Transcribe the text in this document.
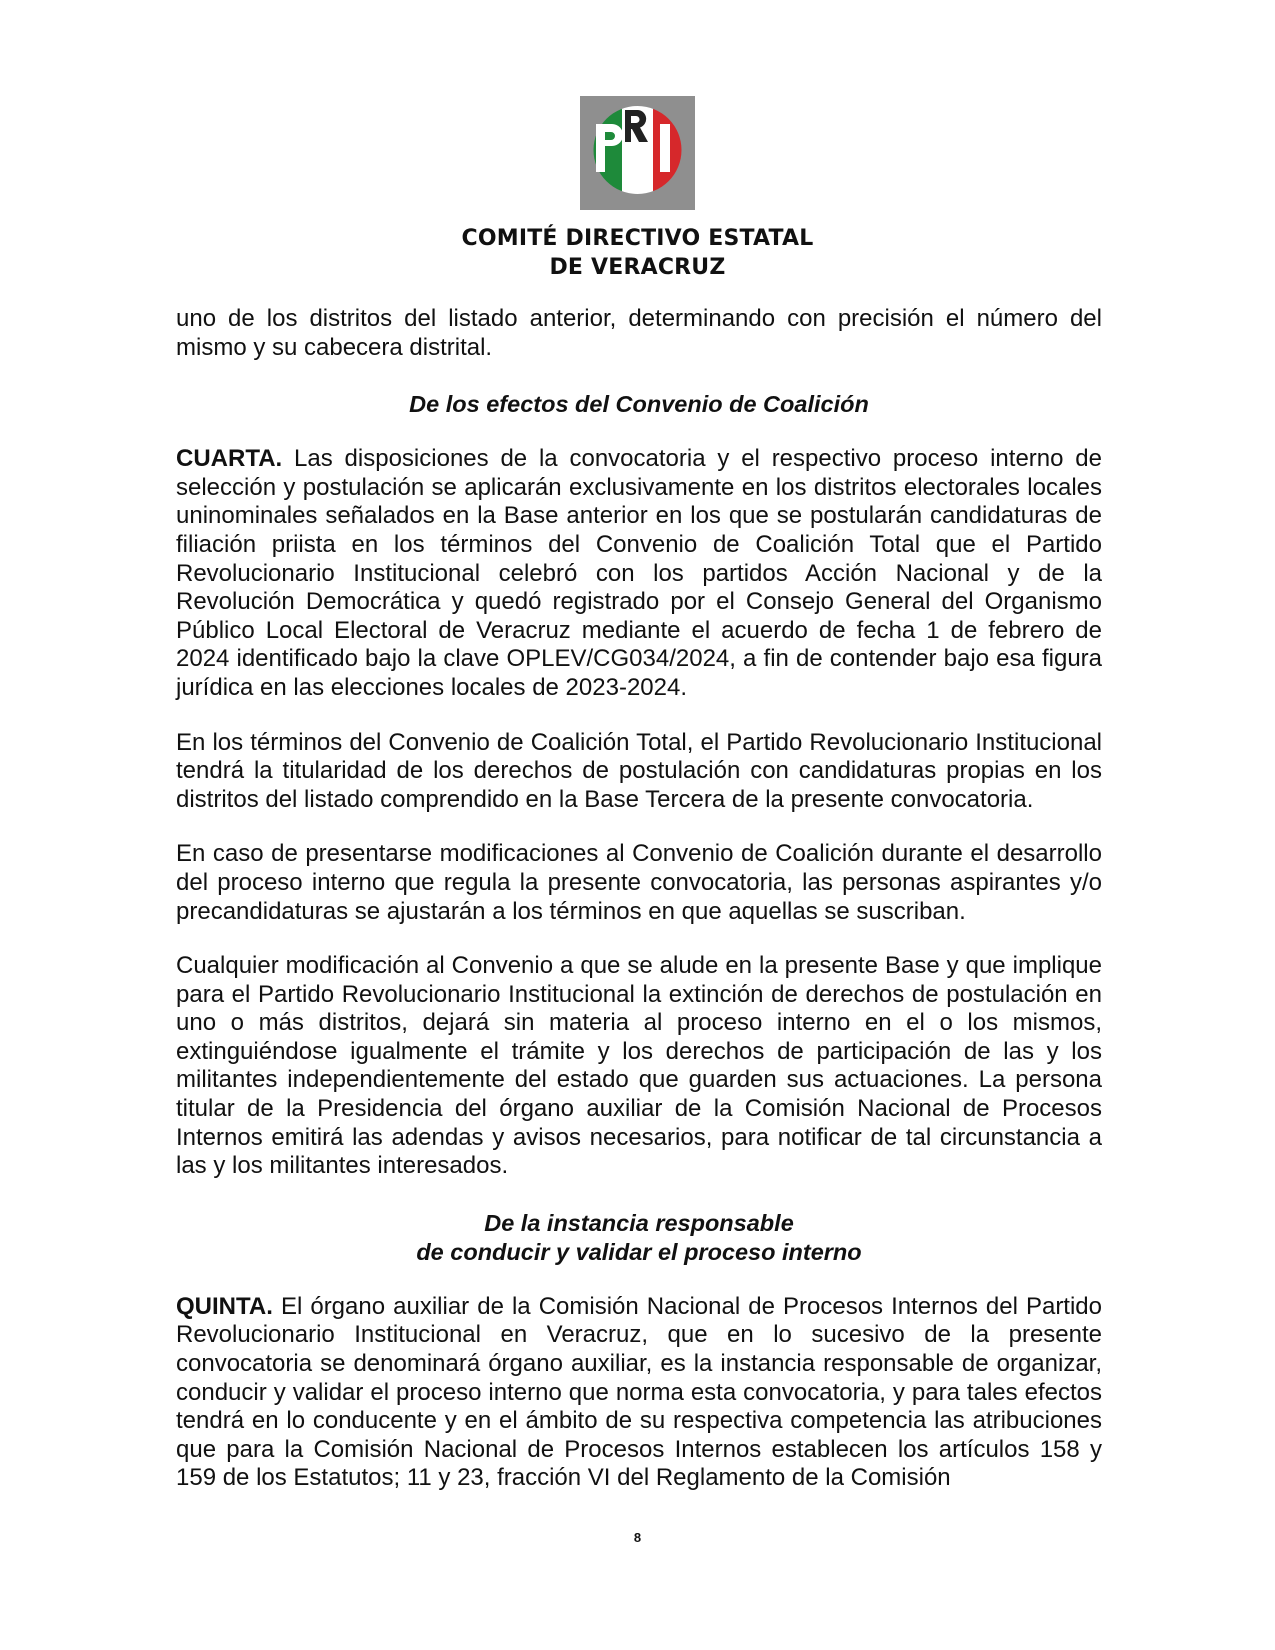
COMITÉ DIRECTIVO ESTATAL
DE VERACRUZ

uno de los distritos del listado anterior, determinando con precisión el número del mismo y su cabecera distrital.

De los efectos del Convenio de Coalición

CUARTA. Las disposiciones de la convocatoria y el respectivo proceso interno de selección y postulación se aplicarán exclusivamente en los distritos electorales locales uninominales señalados en la Base anterior en los que se postularán candidaturas de filiación priista en los términos del Convenio de Coalición Total que el Partido Revolucionario Institucional celebró con los partidos Acción Nacional y de la Revolución Democrática y quedó registrado por el Consejo General del Organismo Público Local Electoral de Veracruz mediante el acuerdo de fecha 1 de febrero de 2024 identificado bajo la clave OPLEV/CG034/2024, a fin de contender bajo esa figura jurídica en las elecciones locales de 2023-2024.

En los términos del Convenio de Coalición Total, el Partido Revolucionario Institucional tendrá la titularidad de los derechos de postulación con candidaturas propias en los distritos del listado comprendido en la Base Tercera de la presente convocatoria.

En caso de presentarse modificaciones al Convenio de Coalición durante el desarrollo del proceso interno que regula la presente convocatoria, las personas aspirantes y/o precandidaturas se ajustarán a los términos en que aquellas se suscriban.

Cualquier modificación al Convenio a que se alude en la presente Base y que implique para el Partido Revolucionario Institucional la extinción de derechos de postulación en uno o más distritos, dejará sin materia al proceso interno en el o los mismos, extinguiéndose igualmente el trámite y los derechos de participación de las y los militantes independientemente del estado que guarden sus actuaciones. La persona titular de la Presidencia del órgano auxiliar de la Comisión Nacional de Procesos Internos emitirá las adendas y avisos necesarios, para notificar de tal circunstancia a las y los militantes interesados.

De la instancia responsable
de conducir y validar el proceso interno

QUINTA. El órgano auxiliar de la Comisión Nacional de Procesos Internos del Partido Revolucionario Institucional en Veracruz, que en lo sucesivo de la presente convocatoria se denominará órgano auxiliar, es la instancia responsable de organizar, conducir y validar el proceso interno que norma esta convocatoria, y para tales efectos tendrá en lo conducente y en el ámbito de su respectiva competencia las atribuciones que para la Comisión Nacional de Procesos Internos establecen los artículos 158 y 159 de los Estatutos; 11 y 23, fracción VI del Reglamento de la Comisión

8
